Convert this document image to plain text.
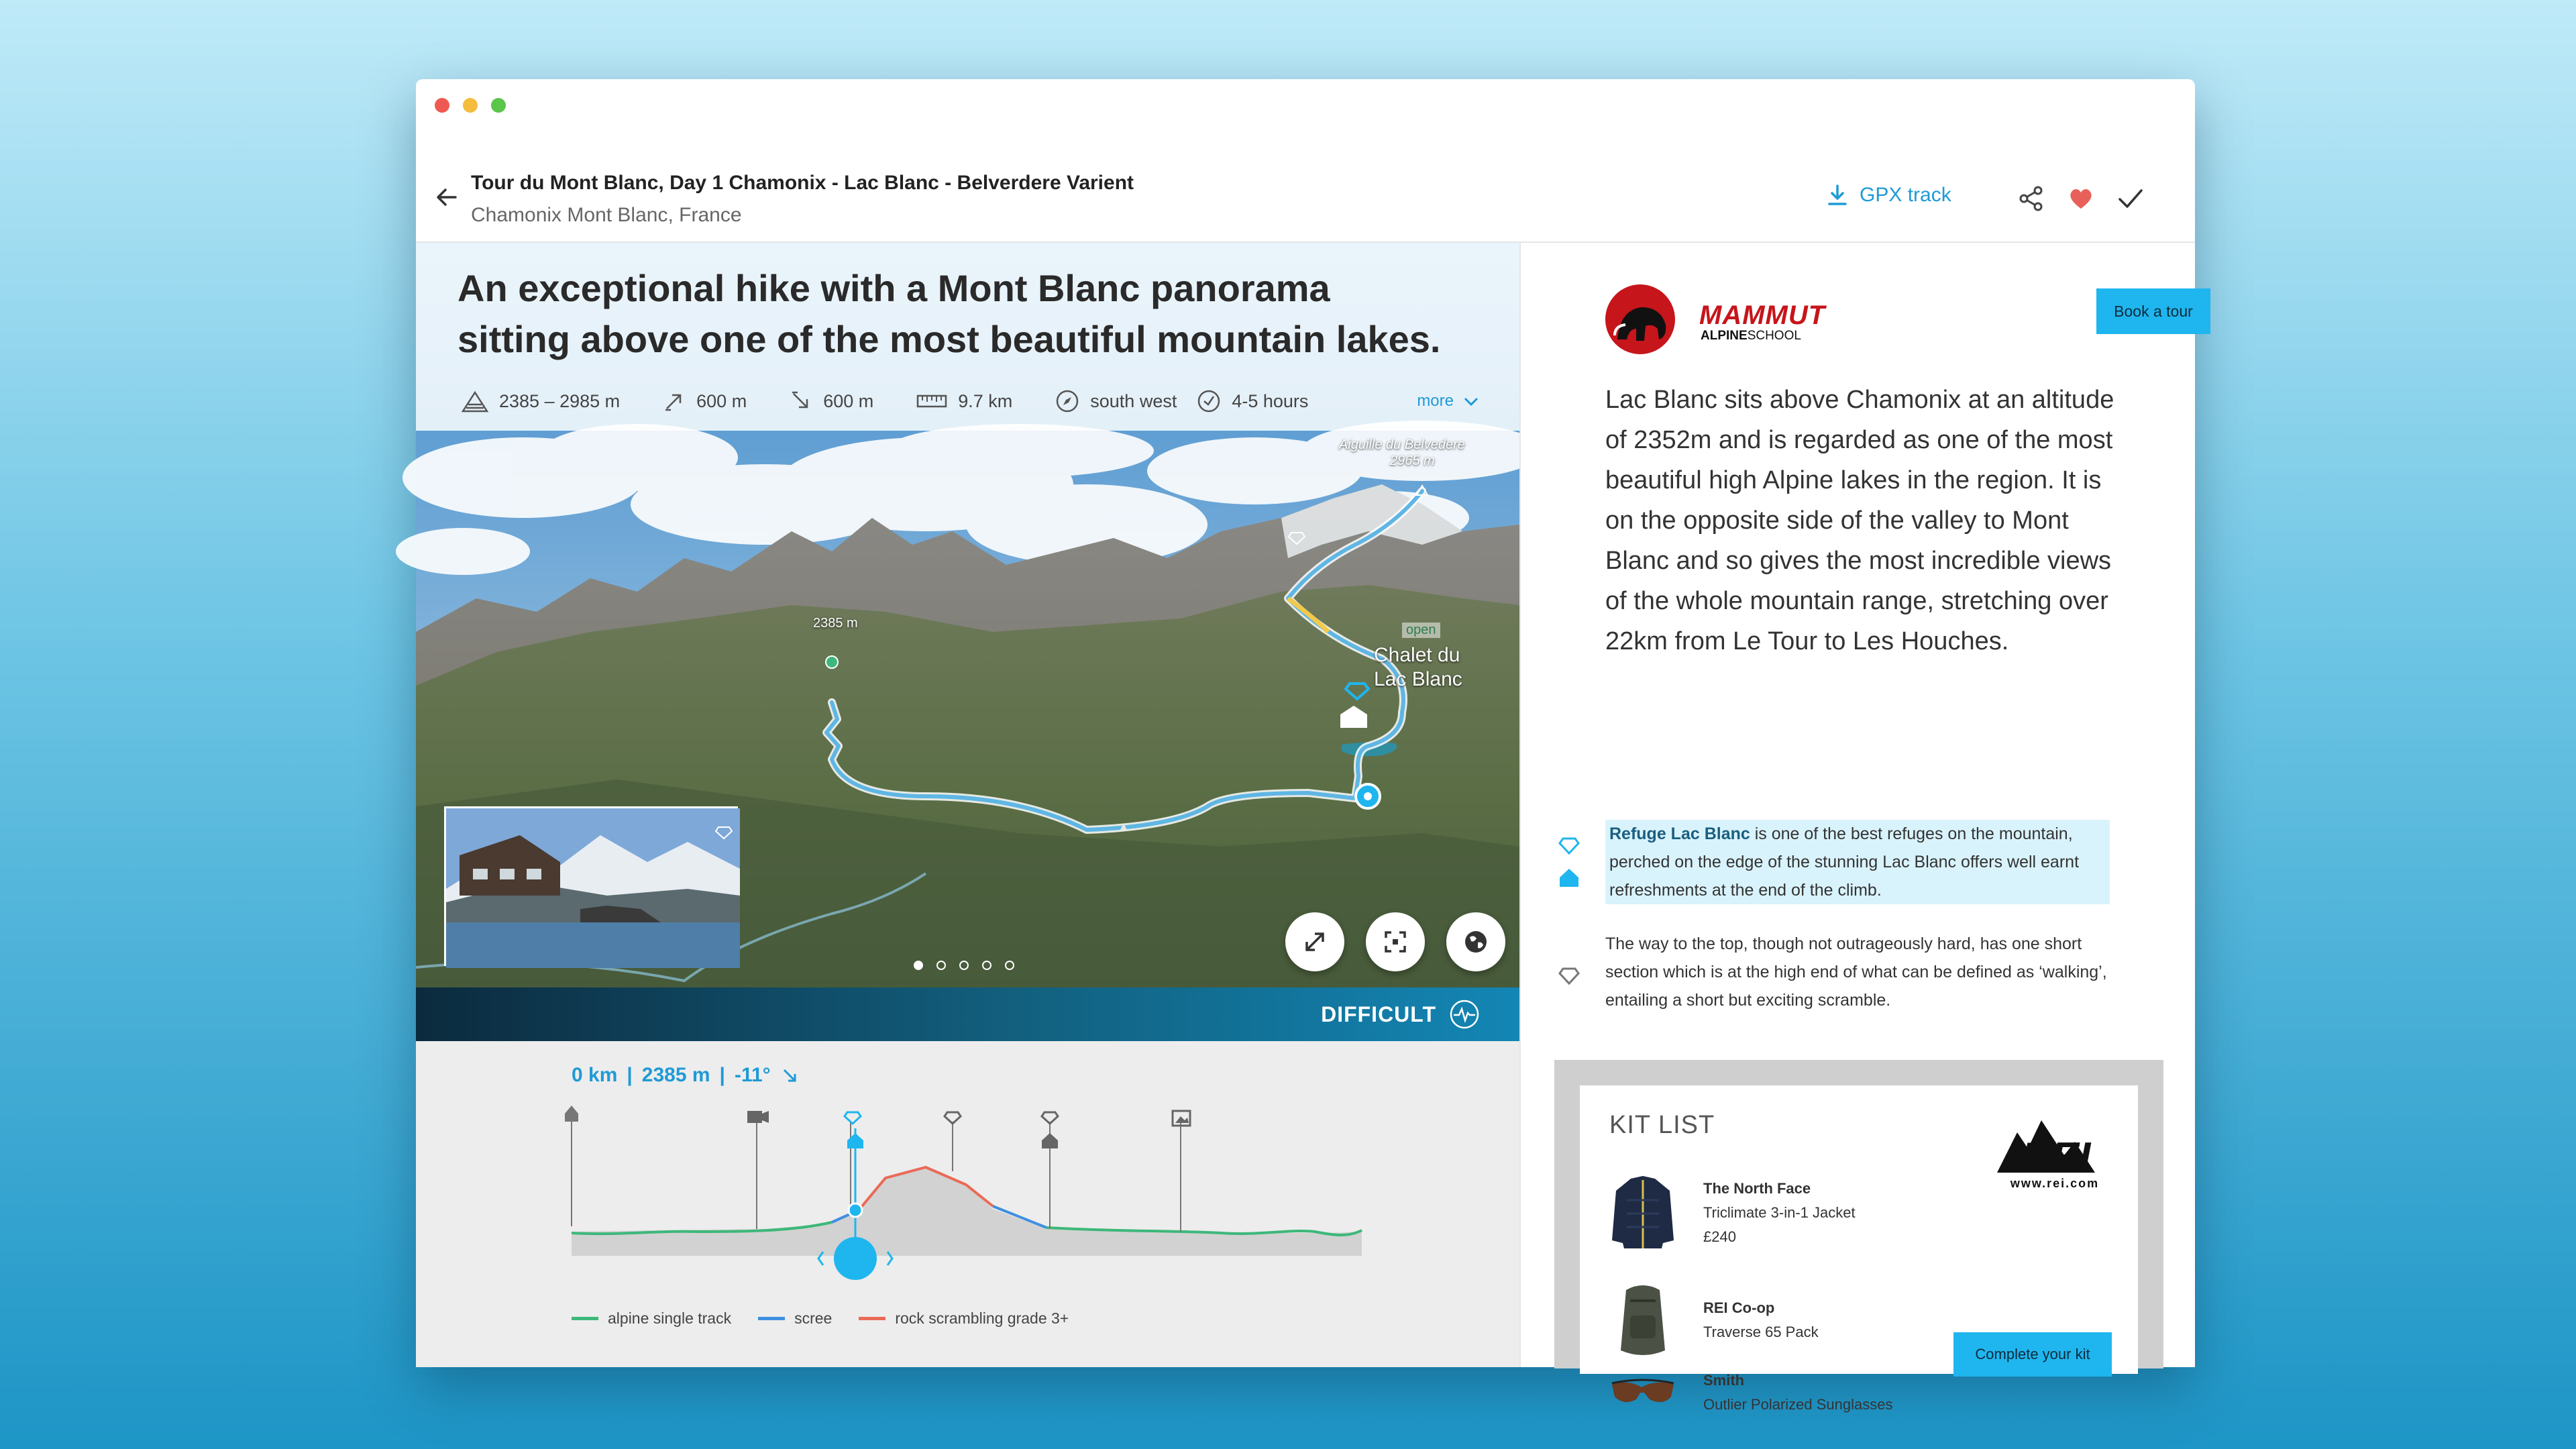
Tour du Mont Blanc, Day 1 Chamonix - Lac Blanc - Belverdere Varient
Chamonix Mont Blanc, France
GPX track
An exceptional hike with a Mont Blanc panorama sitting above one of the most beautiful mountain lakes.
2385 – 2985 m	600 m	600 m	9.7 km	south west	4-5 hours	more
Aiguille du Belvedere
2965 m
2385 m	open
Chalet du
Lac Blanc
DIFFICULT
0 km | 2385 m | -11°
alpine single track	scree	rock scrambling grade 3+
MAMMUT
ALPINESCHOOL
Book a tour
Lac Blanc sits above Chamonix at an altitude of 2352m and is regarded as one of the most beautiful high Alpine lakes in the region. It is on the opposite side of the valley to Mont Blanc and so gives the most incredible views of the whole mountain range, stretching over 22km from Le Tour to Les Houches.
Refuge Lac Blanc is one of the best refuges on the mountain, perched on the edge of the stunning Lac Blanc offers well earnt refreshments at the end of the climb.
The way to the top, though not outrageously hard, has one short section which is at the high end of what can be defined as ‘walking’, entailing a short but exciting scramble.
KIT LIST
REI
www.rei.com
The North Face
Triclimate 3-in-1 Jacket
£240
REI Co-op
Traverse 65 Pack
Smith
Outlier Polarized Sunglasses
Complete your kit
